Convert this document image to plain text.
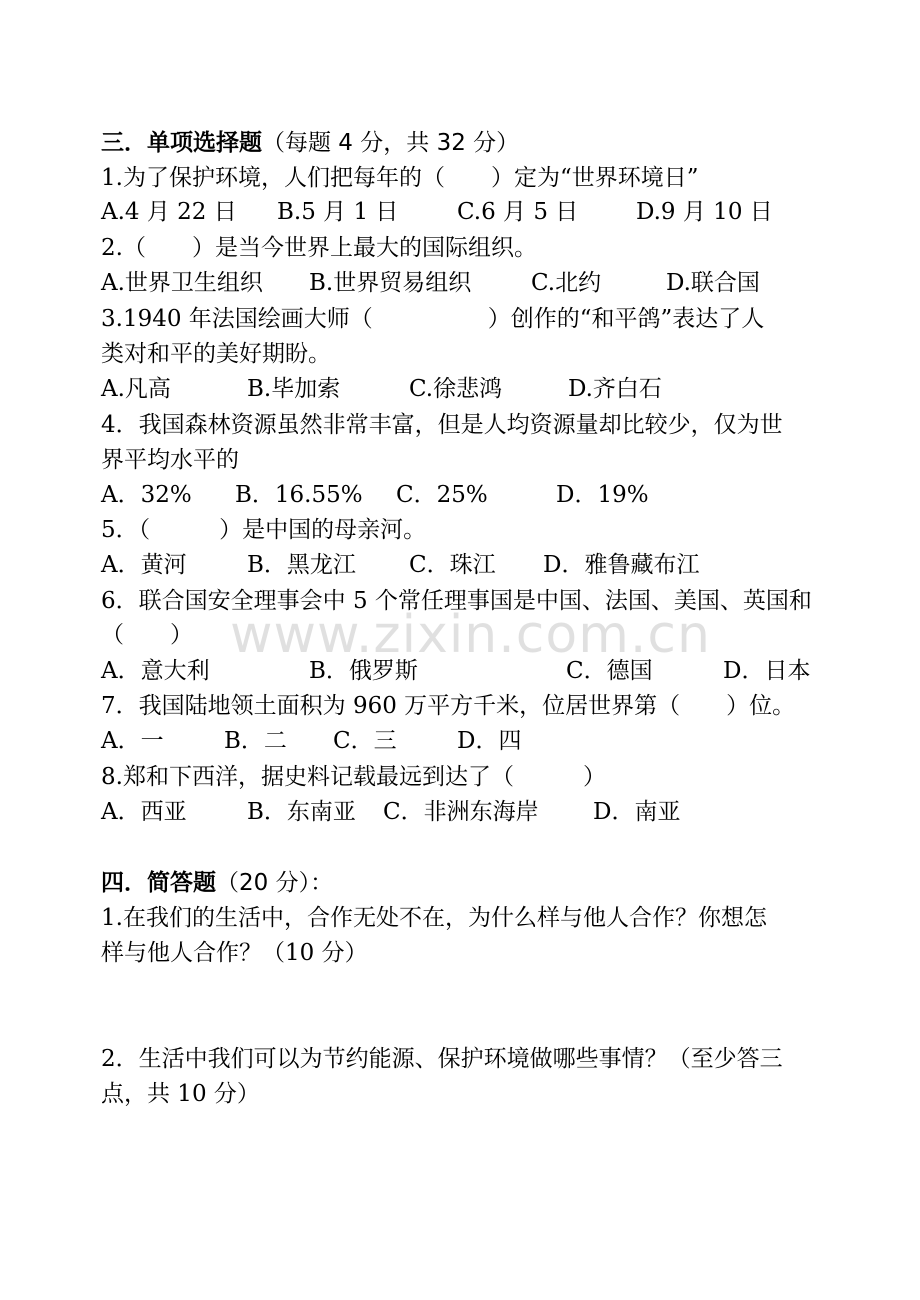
三．单项选择题（每题 4 分，共 32 分）
1.为了保护环境，人们把每年的（　　）定为“世界环境日”
A.4 月 22 日 B.5 月 1 日	C.6 月 5 日	D.9 月 10 日
2.（　　）是当今世界上最大的国际组织。
A.世界卫生组织 B.世界贸易组织	C.北约	D.联合国
3.1940 年法国绘画大师（　　　　　）创作的“和平鸽”表达了人
类对和平的美好期盼。
A.凡高	B.毕加索	C.徐悲鸿	D.齐白石
4．我国森林资源虽然非常丰富，但是人均资源量却比较少，仅为世
界平均水平的
A．32% B．16.55% C．25%	D．19%
5．（　　　）是中国的母亲河。
A．黄河	B．黑龙江 C．珠江 D．雅鲁藏布江
6．联合国安全理事会中 5 个常任理事国是中国、法国、美国、英国和
（　　）
A．意大利	B．俄罗斯	C．德国	D．日本
7．我国陆地领土面积为 960 万平方千米，位居世界第（　　）位。
A．一	B．二 C．三	D．四
8.郑和下西洋，据史料记载最远到达了（　　　）
A．西亚	B．东南亚 C．非洲东海岸 D．南亚
四．简答题（20 分）：
1.在我们的生活中，合作无处不在，为什么样与他人合作？你想怎
样与他人合作？（10 分）
2．生活中我们可以为节约能源、保护环境做哪些事情？（至少答三
点，共 10 分）
www.zixin.com.cn
